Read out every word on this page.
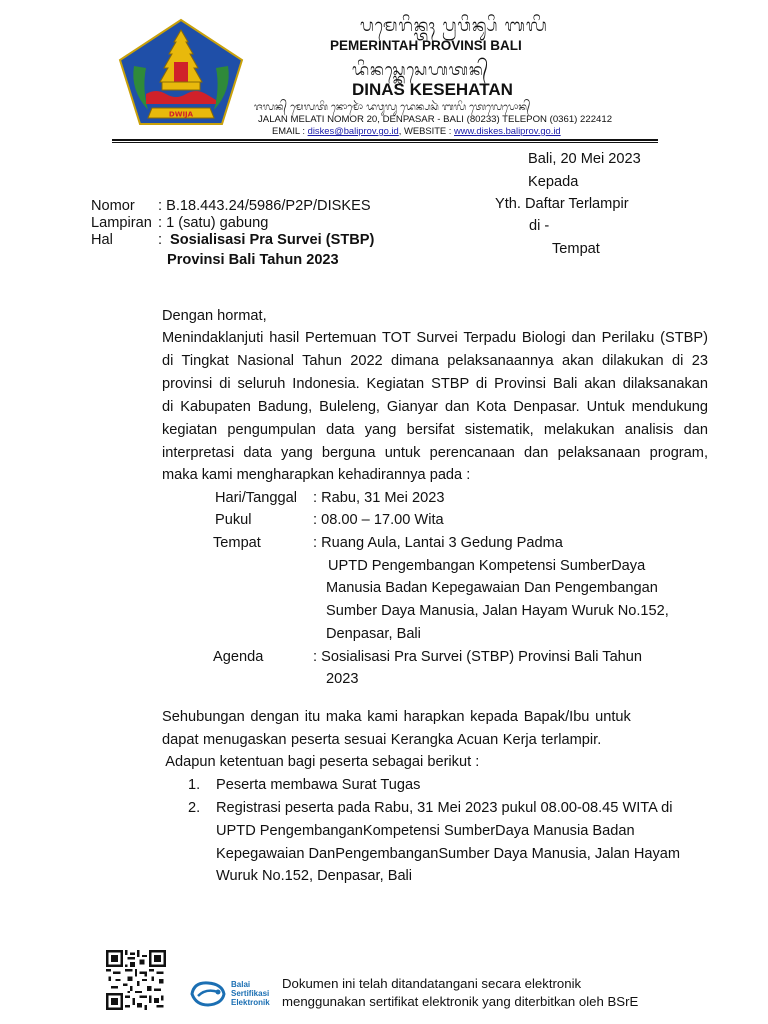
DWIJA
ᬧᬫᬾᬭᬶᬦ᭄ᬢᬄ ᬧ᭄ᬭᬯᬶᬦ᭄ᬲᬶ ᬩᬮᬶ
PEMERINTAH PROVINSI BALI
ᬤᬶᬦᬲ᭄ᬓᬾᬲᬾᬳᬢᬦ᭄
DINAS KESEHATAN
ᬚᬮᬦ᭄ ᬫᬾᬮᬢᬶ ᬦᭀᬫᭀᬃ ᬤᬯᬸᬮᬸ ᬤᬾᬦ᭄ᬧᬲᬃ ᬩᬮᬶ ᬢᬾᬮᬾᬧᭀᬦ᭄
JALAN MELATI NOMOR 20, DENPASAR - BALI (80233) TELEPON (0361) 222412
EMAIL : diskes@baliprov.go.id, WEBSITE : www.diskes.baliprov.go.id
Bali, 20 Mei 2023
Kepada
Yth. Daftar Terlampir
di -
Tempat
Nomor : B.18.443.24/5986/P2P/DISKES
Lampiran : 1 (satu) gabung
Hal	: Sosialisasi Pra Survei (STBP)
Provinsi Bali Tahun 2023
Dengan hormat,
Menindaklanjuti hasil Pertemuan TOT Survei Terpadu Biologi dan Perilaku (STBP)
di Tingkat Nasional Tahun 2022 dimana pelaksanaannya akan dilakukan di 23
provinsi di seluruh Indonesia. Kegiatan STBP di Provinsi Bali akan dilaksanakan
di Kabupaten Badung, Buleleng, Gianyar dan Kota Denpasar. Untuk mendukung
kegiatan pengumpulan data yang bersifat sistematik, melakukan analisis dan
interpretasi data yang berguna untuk perencanaan dan pelaksanaan program,
maka kami mengharapkan kehadirannya pada :
Hari/Tanggal : Rabu, 31 Mei 2023
Pukul	: 08.00 – 17.00 Wita
Tempat	: Ruang Aula, Lantai 3 Gedung Padma
UPTD Pengembangan Kompetensi SumberDaya
Manusia Badan Kepegawaian Dan Pengembangan
Sumber Daya Manusia, Jalan Hayam Wuruk No.152,
Denpasar, Bali
Agenda	: Sosialisasi Pra Survei (STBP) Provinsi Bali Tahun
2023
Sehubungan dengan itu maka kami harapkan kepada Bapak/Ibu untuk
dapat menugaskan peserta sesuai Kerangka Acuan Kerja terlampir.
Adapun ketentuan bagi peserta sebagai berikut :
1. Peserta membawa Surat Tugas
2. Registrasi peserta pada Rabu, 31 Mei 2023 pukul 08.00-08.45 WITA di
UPTD PengembanganKompetensi SumberDaya Manusia Badan
Kepegawaian DanPengembanganSumber Daya Manusia, Jalan Hayam
Wuruk No.152, Denpasar, Bali
Balai
Sertifikasi
Elektronik
Dokumen ini telah ditandatangani secara elektronik
menggunakan sertifikat elektronik yang diterbitkan oleh BSrE
